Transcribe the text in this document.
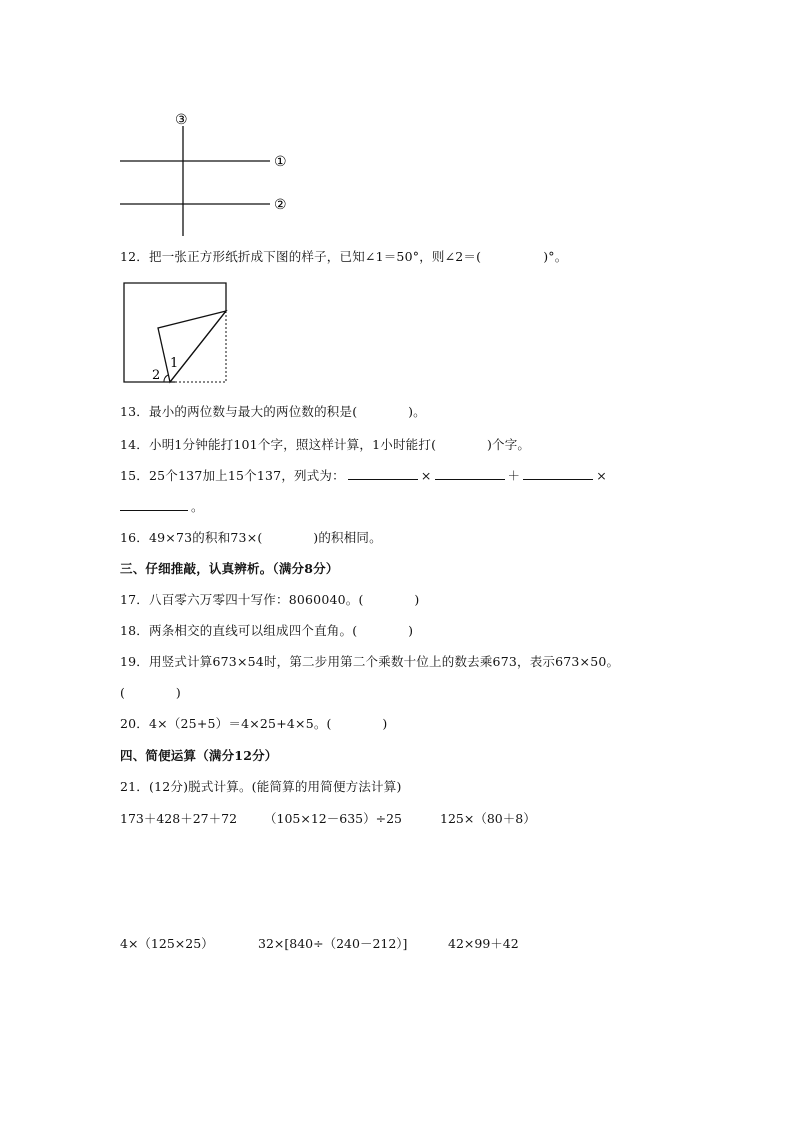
③
①
②
12．把一张正方形纸折成下图的样子，已知∠1＝50°，则∠2＝(	)°。
1
2
13．最小的两位数与最大的两位数的积是(　　　　)。
14．小明1分钟能打101个字，照这样计算，1小时能打(　　　　)个字。
15．25个137加上15个137，列式为：	×	＋	×
。
16．49×73的积和73×(　　　　)的积相同。
三、仔细推敲，认真辨析。（满分8分）
17．八百零六万零四十写作：8060040。(　　　　)
18．两条相交的直线可以组成四个直角。(　　　　)
19．用竖式计算673×54时，第二步用第二个乘数十位上的数去乘673，表示673×50。
(　　　　)
20．4×（25+5）＝4×25+4×5。(　　　　)
四、简便运算（满分12分）
21．(12分)脱式计算。(能简算的用简便方法计算)
173＋428＋27＋72 （105×12－635）÷25	125×（80＋8）
4×（125×25）	32×[840÷（240－212）]	42×99＋42
